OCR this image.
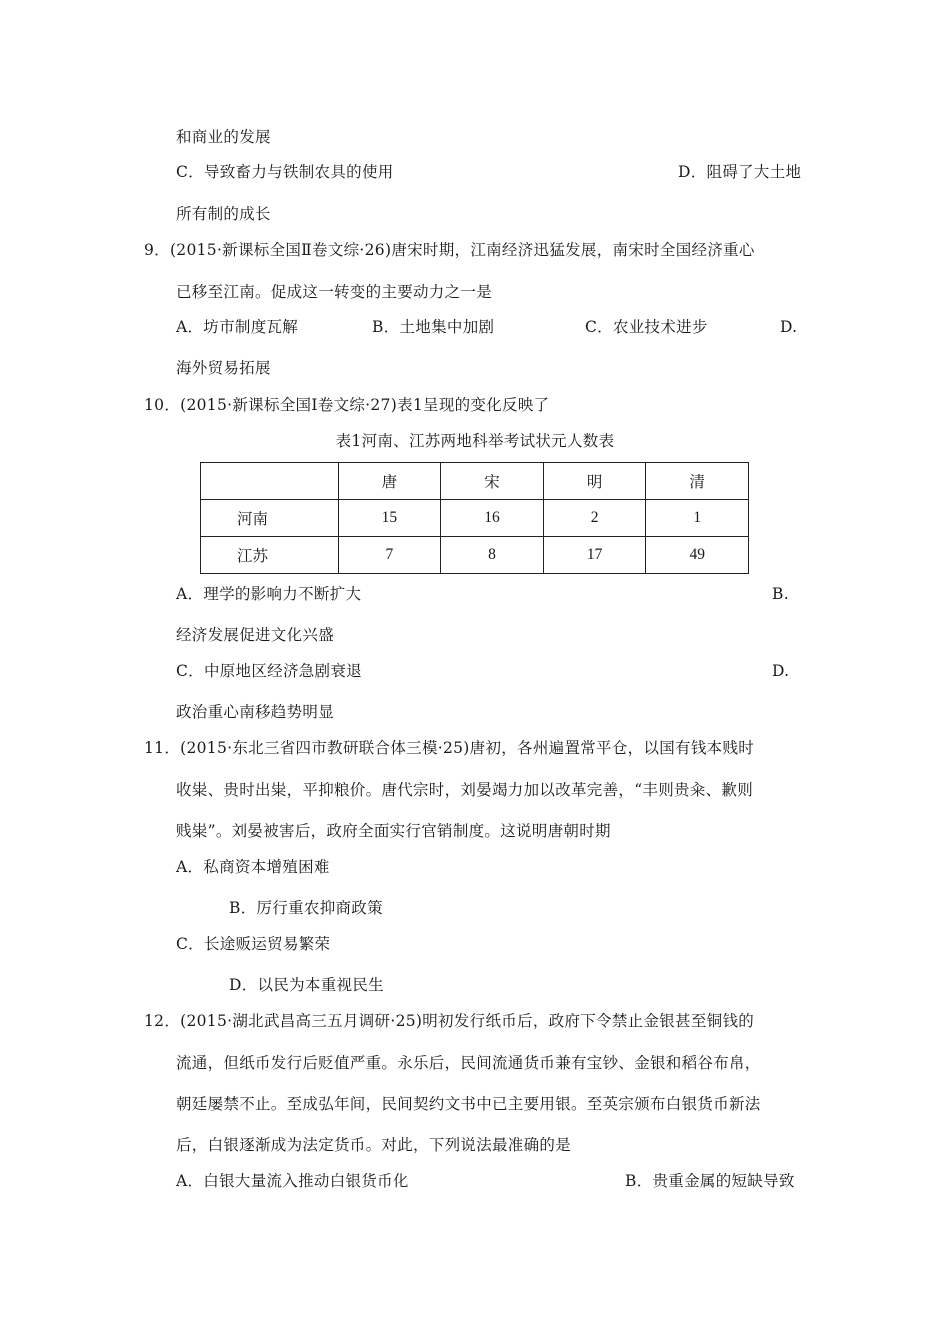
和商业的发展
C．导致畜力与铁制农具的使用	D．阻碍了大土地
所有制的成长
9．(2015·新课标全国Ⅱ卷文综·26)唐宋时期，江南经济迅猛发展，南宋时全国经济重心
已移至江南。促成这一转变的主要动力之一是
A．坊市制度瓦解	B．土地集中加剧	C．农业技术进步	D.
海外贸易拓展
10．(2015·新课标全国Ⅰ卷文综·27)表1呈现的变化反映了
表1河南、江苏两地科举考试状元人数表
	唐	宋	明	清
河南	15	16	2	1
江苏	7	8	17	49
A．理学的影响力不断扩大	B.
经济发展促进文化兴盛
C．中原地区经济急剧衰退	D.
政治重心南移趋势明显
11．(2015·东北三省四市教研联合体三模·25)唐初，各州遍置常平仓，以国有钱本贱时
收粜、贵时出粜，平抑粮价。唐代宗时，刘晏竭力加以改革完善，“丰则贵籴、歉则
贱粜”。刘晏被害后，政府全面实行官销制度。这说明唐朝时期
A．私商资本增殖困难
B．厉行重农抑商政策
C．长途贩运贸易繁荣
D．以民为本重视民生
12．(2015·湖北武昌高三五月调研·25)明初发行纸币后，政府下令禁止金银甚至铜钱的
流通，但纸币发行后贬值严重。永乐后，民间流通货币兼有宝钞、金银和稻谷布帛，
朝廷屡禁不止。至成弘年间，民间契约文书中已主要用银。至英宗颁布白银货币新法
后，白银逐渐成为法定货币。对此，下列说法最准确的是
A．白银大量流入推动白银货币化	B．贵重金属的短缺导致
